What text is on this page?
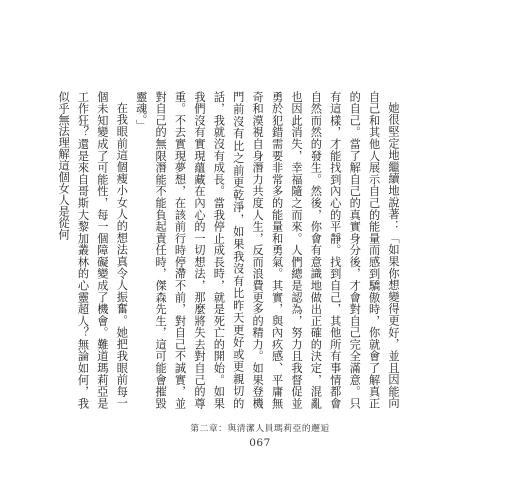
她很堅定地繼續地說著：「如果你想變得更好，並且因能向自己和其他人展示自己的能量而感到驕傲時，你就會了解真正的自己。當了解自己的真實身分後，才會對自己完全滿意。只有這樣，才能找到內心的平靜。找到自己，其他所有事情都會自然而然的發生。然後，你會有意識地做出正確的決定，混亂也因此消失，幸福隨之而來。人們總是認為，努力且我督促並勇於犯錯需要非常多的能量和勇氣。其實，與內疚感、平庸無奇和漠視自身潛力共度人生，反而浪費更多的精力。如果登機門前沒有比之前更乾淨，如果我沒有比昨天更好或更親切的話，我就沒有成長。當我停止成長時，就是死亡的開始。如果我們沒有實現蘊藏在內心的一切想法，那麼將失去對自己的尊重。不去實現夢想，在該前行時停滯不前，對自己不誠實，並對自己的無限潛能不能負起責任時，傑森先生，這可能會摧毀靈魂。」

在我眼前這個瘦小女人的想法真令人振奮。她把我眼前每一個未知變成了可能性，每一個障礙變成了機會。難道瑪莉亞是工作狂？還是來自哥斯大黎加叢林的心靈超人？無論如何，我似乎無法理解這個女人是從何

第二章：與清潔人員瑪莉亞的邂逅
067
